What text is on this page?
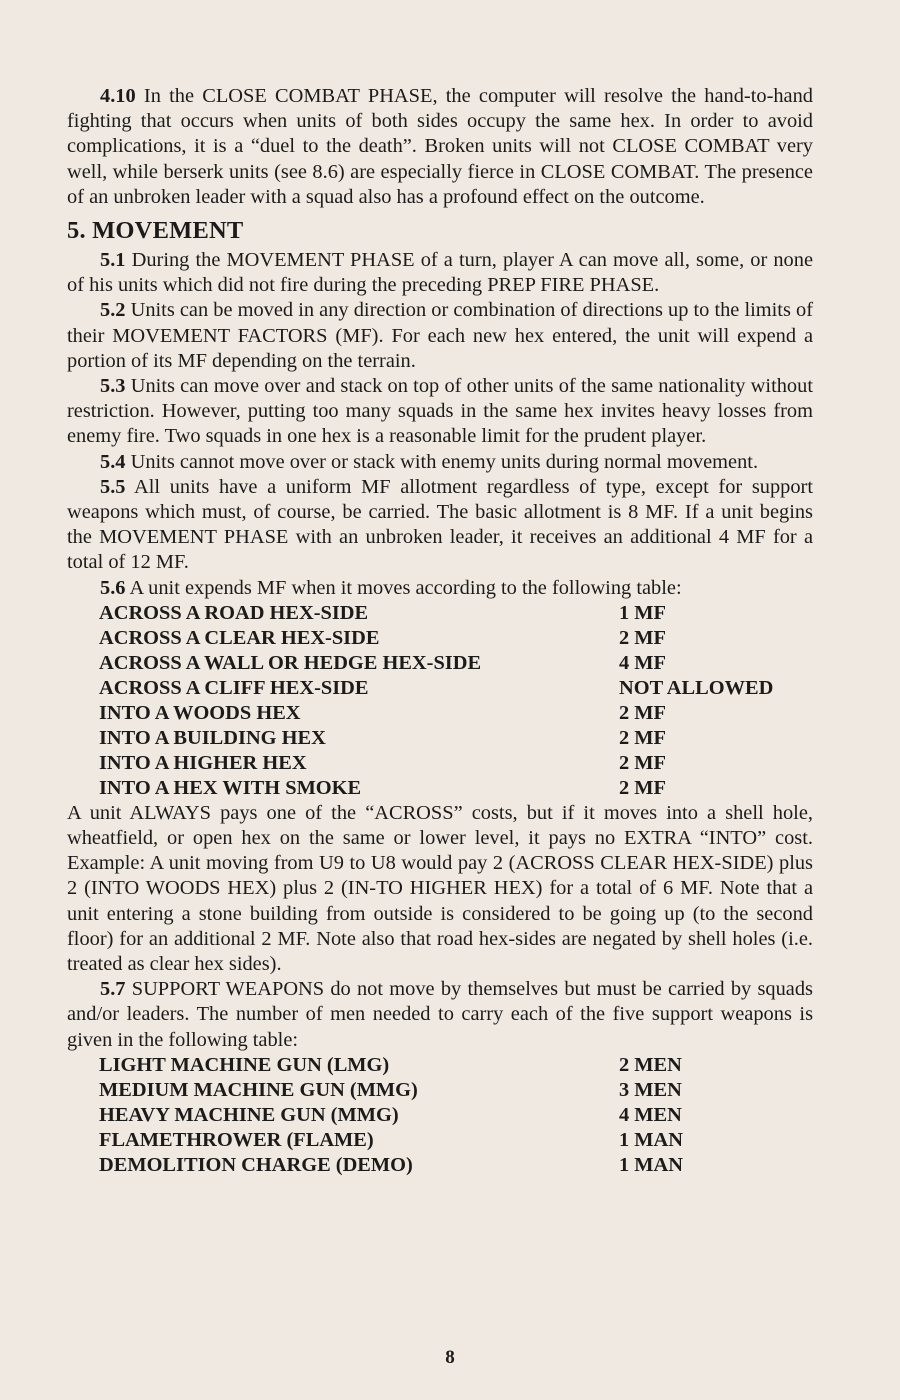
4.10 In the CLOSE COMBAT PHASE, the computer will resolve the hand-to-hand fighting that occurs when units of both sides occupy the same hex. In order to avoid complications, it is a “duel to the death”. Broken units will not CLOSE COMBAT very well, while berserk units (see 8.6) are especially fierce in CLOSE COMBAT. The presence of an unbroken leader with a squad also has a profound effect on the outcome.

5. MOVEMENT

5.1 During the MOVEMENT PHASE of a turn, player A can move all, some, or none of his units which did not fire during the preceding PREP FIRE PHASE.

5.2 Units can be moved in any direction or combination of directions up to the limits of their MOVEMENT FACTORS (MF). For each new hex entered, the unit will expend a portion of its MF depending on the terrain.

5.3 Units can move over and stack on top of other units of the same nationality without restriction. However, putting too many squads in the same hex invites heavy losses from enemy fire. Two squads in one hex is a reasonable limit for the prudent player.

5.4 Units cannot move over or stack with enemy units during normal movement.

5.5 All units have a uniform MF allotment regardless of type, except for support weapons which must, of course, be carried. The basic allotment is 8 MF. If a unit begins the MOVEMENT PHASE with an unbroken leader, it receives an additional 4 MF for a total of 12 MF.

5.6 A unit expends MF when it moves according to the following table:

ACROSS A ROAD HEX-SIDE	1 MF
ACROSS A CLEAR HEX-SIDE	2 MF
ACROSS A WALL OR HEDGE HEX-SIDE	4 MF
ACROSS A CLIFF HEX-SIDE	NOT ALLOWED
INTO A WOODS HEX	2 MF
INTO A BUILDING HEX	2 MF
INTO A HIGHER HEX	2 MF
INTO A HEX WITH SMOKE	2 MF

A unit ALWAYS pays one of the “ACROSS” costs, but if it moves into a shell hole, wheatfield, or open hex on the same or lower level, it pays no EXTRA “INTO” cost. Example: A unit moving from U9 to U8 would pay 2 (ACROSS CLEAR HEX-SIDE) plus 2 (INTO WOODS HEX) plus 2 (IN-TO HIGHER HEX) for a total of 6 MF. Note that a unit entering a stone building from outside is considered to be going up (to the second floor) for an additional 2 MF. Note also that road hex-sides are negated by shell holes (i.e. treated as clear hex sides).

5.7 SUPPORT WEAPONS do not move by themselves but must be carried by squads and/or leaders. The number of men needed to carry each of the five support weapons is given in the following table:

LIGHT MACHINE GUN (LMG)	2 MEN
MEDIUM MACHINE GUN (MMG)	3 MEN
HEAVY MACHINE GUN (MMG)	4 MEN
FLAMETHROWER (FLAME)	1 MAN
DEMOLITION CHARGE (DEMO)	1 MAN
8
